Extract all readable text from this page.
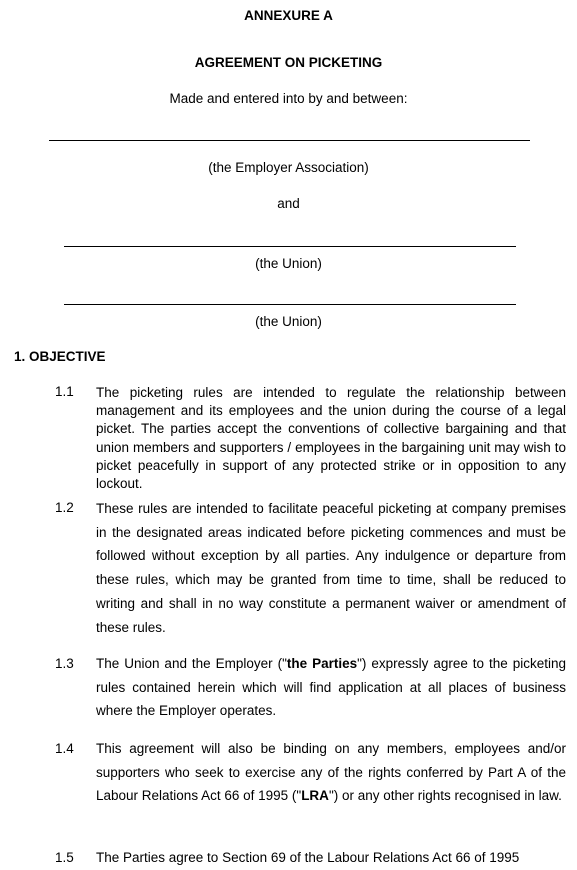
ANNEXURE A
AGREEMENT ON PICKETING
Made and entered into by and between:
(the Employer Association)
and
(the Union)
(the Union)
1. OBJECTIVE
1.1 The picketing rules are intended to regulate the relationship between management and its employees and the union during the course of a legal picket. The parties accept the conventions of collective bargaining and that union members and supporters / employees in the bargaining unit may wish to picket peacefully in support of any protected strike or in opposition to any lockout.
1.2 These rules are intended to facilitate peaceful picketing at company premises in the designated areas indicated before picketing commences and must be followed without exception by all parties. Any indulgence or departure from these rules, which may be granted from time to time, shall be reduced to writing and shall in no way constitute a permanent waiver or amendment of these rules.
1.3 The Union and the Employer ("the Parties") expressly agree to the picketing rules contained herein which will find application at all places of business where the Employer operates.
1.4 This agreement will also be binding on any members, employees and/or supporters who seek to exercise any of the rights conferred by Part A of the Labour Relations Act 66 of 1995 ("LRA") or any other rights recognised in law.
1.5 The Parties agree to Section 69 of the Labour Relations Act 66 of 1995
